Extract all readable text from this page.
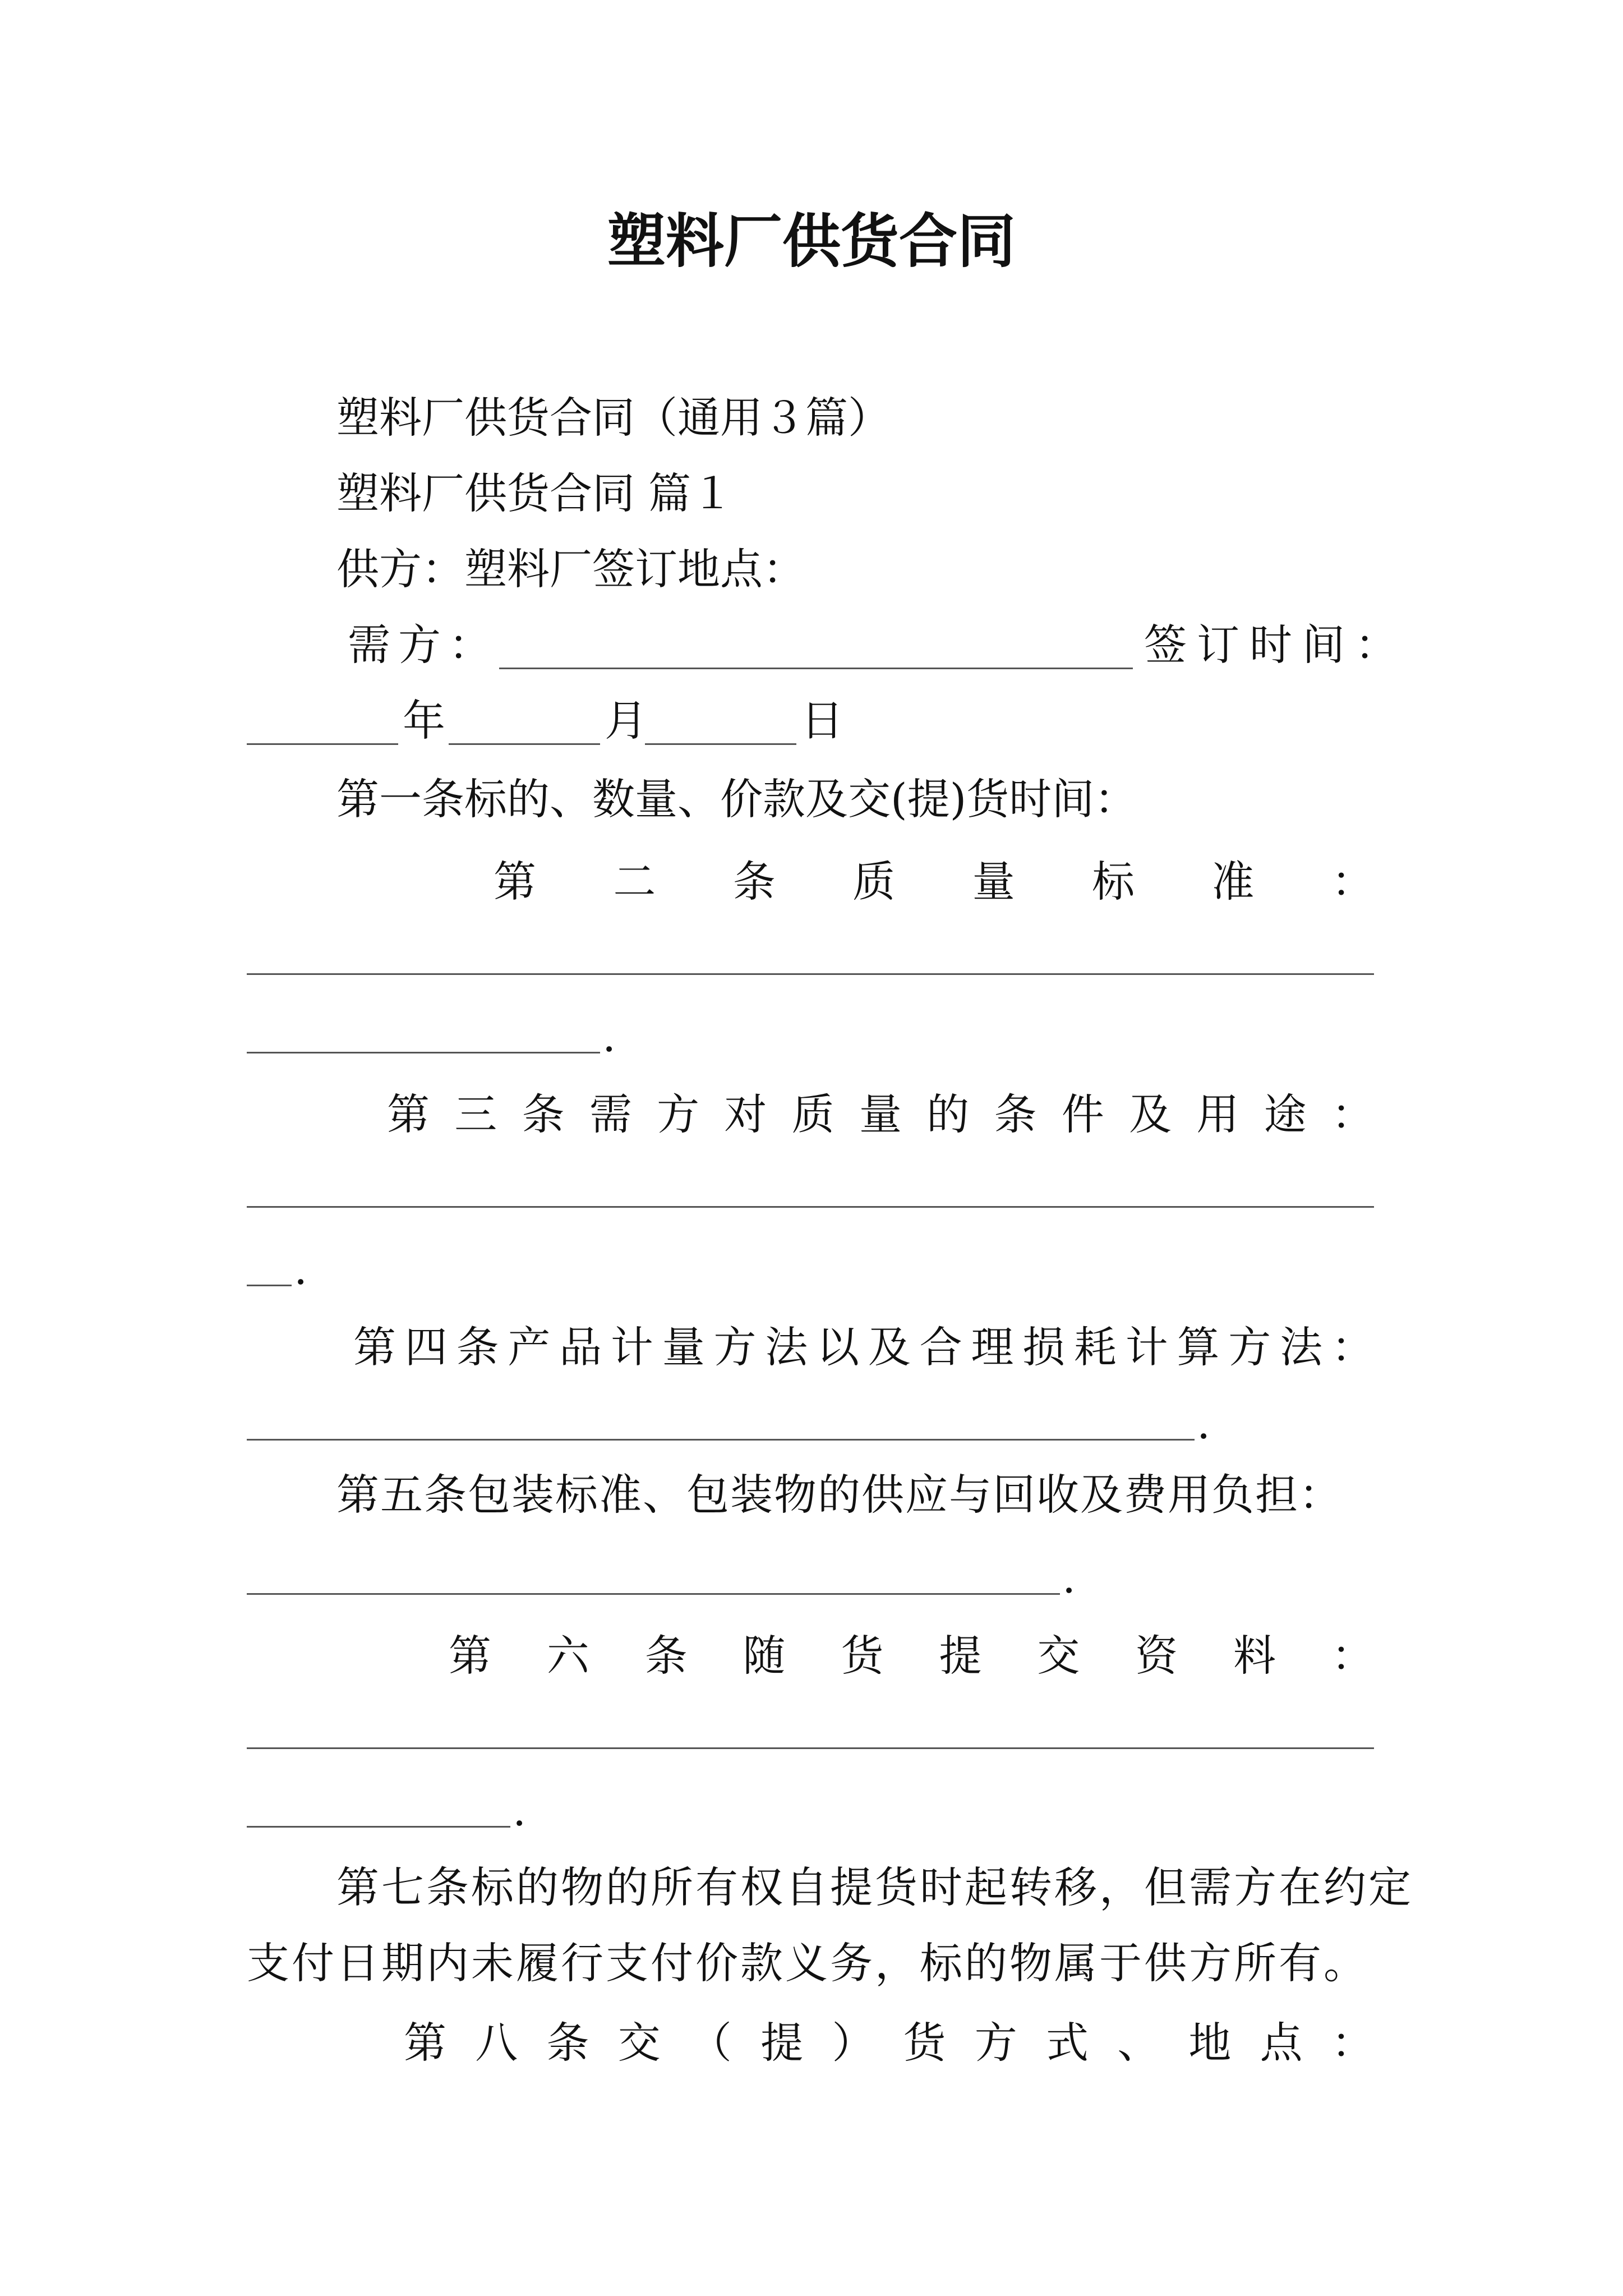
塑料厂供货合同
塑料厂供货合同（通用３篇）
塑料厂供货合同 篇１
供方：塑料厂签订地点：
需方：	签订时间：
年	月	日
第一条标的、数量、价款及交(提)货时间：
第 二 条 质 量 标 准 ：
.
第 三 条 需 方 对 质 量 的 条 件 及 用 途 ：
.
第 四 条 产 品 计 量 方 法 以 及 合 理 损 耗 计 算 方 法 ：
.
第五条包装标准、包装物的供应与回收及费用负担：
.
第 六 条 随 货 提 交 资 料 ：
.
第七条标的物的所有权自提货时起转移，但需方在约定
支付日期内未履行支付价款义务，标的物属于供方所有。
第 八 条 交 （ 提 ） 货 方 式 、 地 点 ：
